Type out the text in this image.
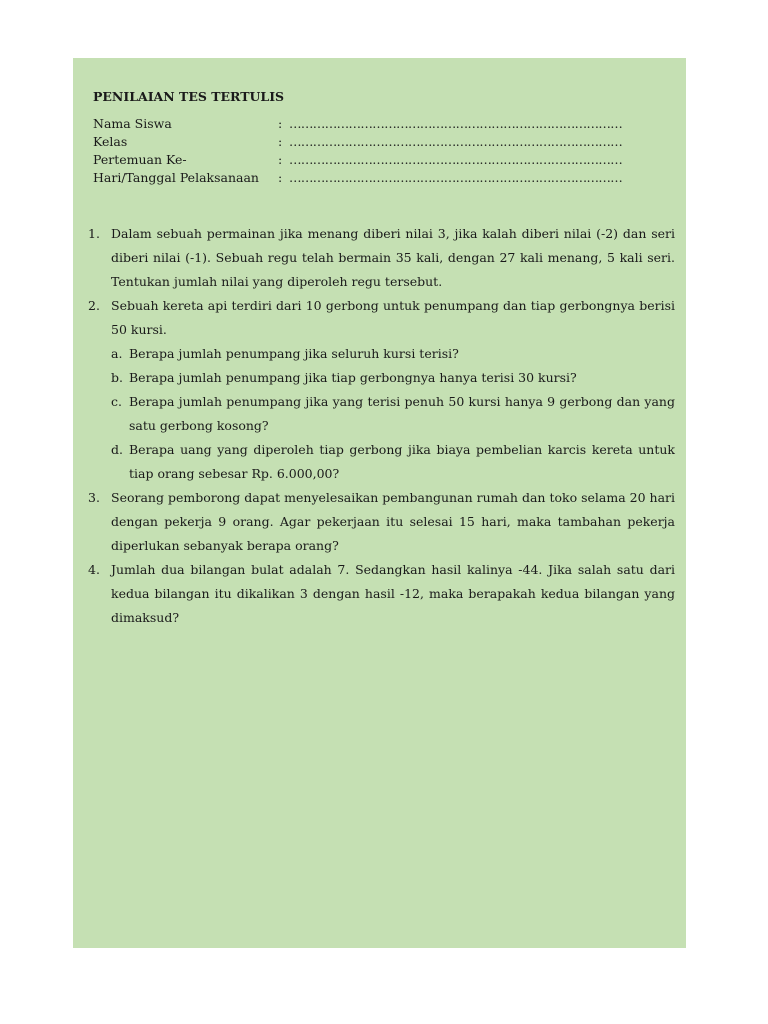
PENILAIAN TES TERTULIS
Nama Siswa	: …………………………………………………………………………
Kelas	: …………………………………………………………………………
Pertemuan Ke-	: …………………………………………………………………………
Hari/Tanggal Pelaksanaan : …………………………………………………………………………
1. Dalam sebuah permainan jika menang diberi nilai 3, jika kalah diberi nilai (-2) dan seri diberi nilai (-1). Sebuah regu telah bermain 35 kali, dengan 27 kali menang, 5 kali seri. Tentukan jumlah nilai yang diperoleh regu tersebut.
2. Sebuah kereta api terdiri dari 10 gerbong untuk penumpang dan tiap gerbongnya berisi 50 kursi.
a. Berapa jumlah penumpang jika seluruh kursi terisi?
b. Berapa jumlah penumpang jika tiap gerbongnya hanya terisi 30 kursi?
c. Berapa jumlah penumpang jika yang terisi penuh 50 kursi hanya 9 gerbong dan yang satu gerbong kosong?
d. Berapa uang yang diperoleh tiap gerbong jika biaya pembelian karcis kereta untuk tiap orang sebesar Rp. 6.000,00?
3. Seorang pemborong dapat menyelesaikan pembangunan rumah dan toko selama 20 hari dengan pekerja 9 orang. Agar pekerjaan itu selesai 15 hari, maka tambahan pekerja diperlukan sebanyak berapa orang?
4. Jumlah dua bilangan bulat adalah 7. Sedangkan hasil kalinya -44. Jika salah satu dari kedua bilangan itu dikalikan 3 dengan hasil -12, maka berapakah kedua bilangan yang dimaksud?
